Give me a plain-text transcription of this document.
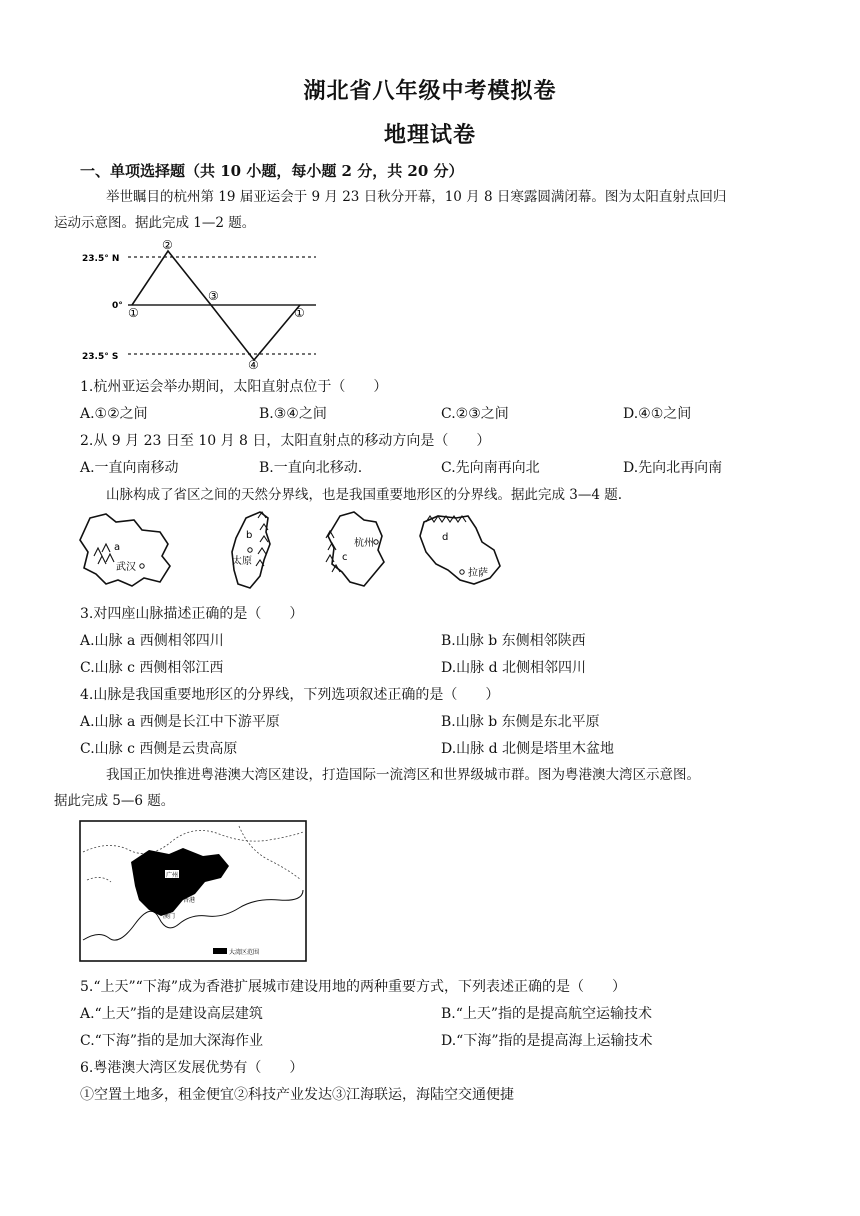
湖北省八年级中考模拟卷
地理试卷
一、单项选择题（共 10 小题，每小题 2 分，共 20 分）
举世瞩目的杭州第 19 届亚运会于 9 月 23 日秋分开幕，10 月 8 日寒露圆满闭幕。图为太阳直射点回归
运动示意图。据此完成 1—2 题。
23.5° N
0°
23.5° S
①
②
③
④
①
1.杭州亚运会举办期间，太阳直射点位于（　　）
A.①②之间	B.③④之间	C.②③之间	D.④①之间
2.从 9 月 23 日至 10 月 8 日，太阳直射点的移动方向是（　　）
A.一直向南移动	B.一直向北移动.	C.先向南再向北	D.先向北再向南
山脉构成了省区之间的天然分界线，也是我国重要地形区的分界线。据此完成 3—4 题.
a
武汉
b
太原
杭州
c
d
拉萨
3.对四座山脉描述正确的是（　　）
A.山脉 a 西侧相邻四川	B.山脉 b 东侧相邻陕西
C.山脉 c 西侧相邻江西	D.山脉 d 北侧相邻四川
4.山脉是我国重要地形区的分界线，下列选项叙述正确的是（　　）
A.山脉 a 西侧是长江中下游平原	B.山脉 b 东侧是东北平原
C.山脉 c 西侧是云贵高原	D.山脉 d 北侧是塔里木盆地
我国正加快推进粤港澳大湾区建设，打造国际一流湾区和世界级城市群。图为粤港澳大湾区示意图。
据此完成 5—6 题。
广州
香港
澳门
大湾区范围
5.“上天”“下海”成为香港扩展城市建设用地的两种重要方式，下列表述正确的是（　　）
A.“上天”指的是建设高层建筑	B.“上天”指的是提高航空运输技术
C.“下海”指的是加大深海作业	D.“下海”指的是提高海上运输技术
6.粤港澳大湾区发展优势有（　　）
①空置土地多，租金便宜②科技产业发达③江海联运，海陆空交通便捷
